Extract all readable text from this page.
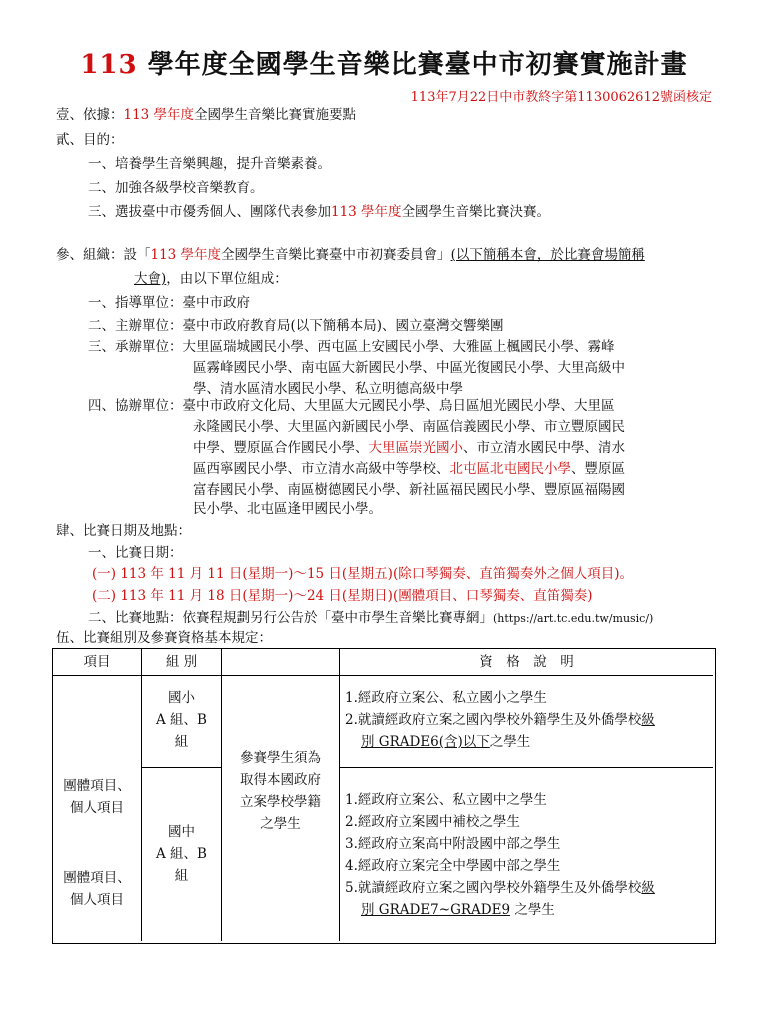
113 學年度全國學生音樂比賽臺中市初賽實施計畫
113年7月22日中市教終字第1130062612號函核定
壹、依據：113 學年度全國學生音樂比賽實施要點
貳、目的：
一、培養學生音樂興趣，提升音樂素養。
二、加強各級學校音樂教育。
三、選拔臺中市優秀個人、團隊代表參加113 學年度全國學生音樂比賽決賽。
參、組織：設「113 學年度全國學生音樂比賽臺中市初賽委員會」(以下簡稱本會，於比賽會場簡稱
大會)，由以下單位組成：
一、指導單位：臺中市政府
二、主辦單位：臺中市政府教育局(以下簡稱本局)、國立臺灣交響樂團
三、承辦單位：大里區瑞城國民小學、西屯區上安國民小學、大雅區上楓國民小學、霧峰
區霧峰國民小學、南屯區大新國民小學、中區光復國民小學、大里高級中
學、清水區清水國民小學、私立明德高級中學
四、協辦單位：臺中市政府文化局、大里區大元國民小學、烏日區旭光國民小學、大里區
永隆國民小學、大里區內新國民小學、南區信義國民小學、市立豐原國民
中學、豐原區合作國民小學、大里區崇光國小、市立清水國民中學、清水
區西寧國民小學、市立清水高級中等學校、北屯區北屯國民小學、豐原區
富春國民小學、南區樹德國民小學、新社區福民國民小學、豐原區福陽國
民小學、北屯區逢甲國民小學。
肆、比賽日期及地點：
一、比賽日期：
(一) 113 年 11 月 11 日(星期一)～15 日(星期五)(除口琴獨奏、直笛獨奏外之個人項目)。
(二) 113 年 11 月 18 日(星期一)～24 日(星期日)(團體項目、口琴獨奏、直笛獨奏)
二、比賽地點：依賽程規劃另行公告於「臺中市學生音樂比賽專網」(https://art.tc.edu.tw/music/)
伍、比賽組別及參賽資格基本規定：
項目	組 別	資　格　說　明
團體項目、
個人項目
團體項目、
個人項目
國小
A 組、B
組
國中
A 組、B
組
參賽學生須為
取得本國政府
立案學校學籍
之學生
1.經政府立案公、私立國小之學生
2.就讀經政府立案之國內學校外籍學生及外僑學校級
別 GRADE6(含)以下之學生
1.經政府立案公、私立國中之學生
2.經政府立案國中補校之學生
3.經政府立案高中附設國中部之學生
4.經政府立案完全中學國中部之學生
5.就讀經政府立案之國內學校外籍學生及外僑學校級
別 GRADE7~GRADE9 之學生
